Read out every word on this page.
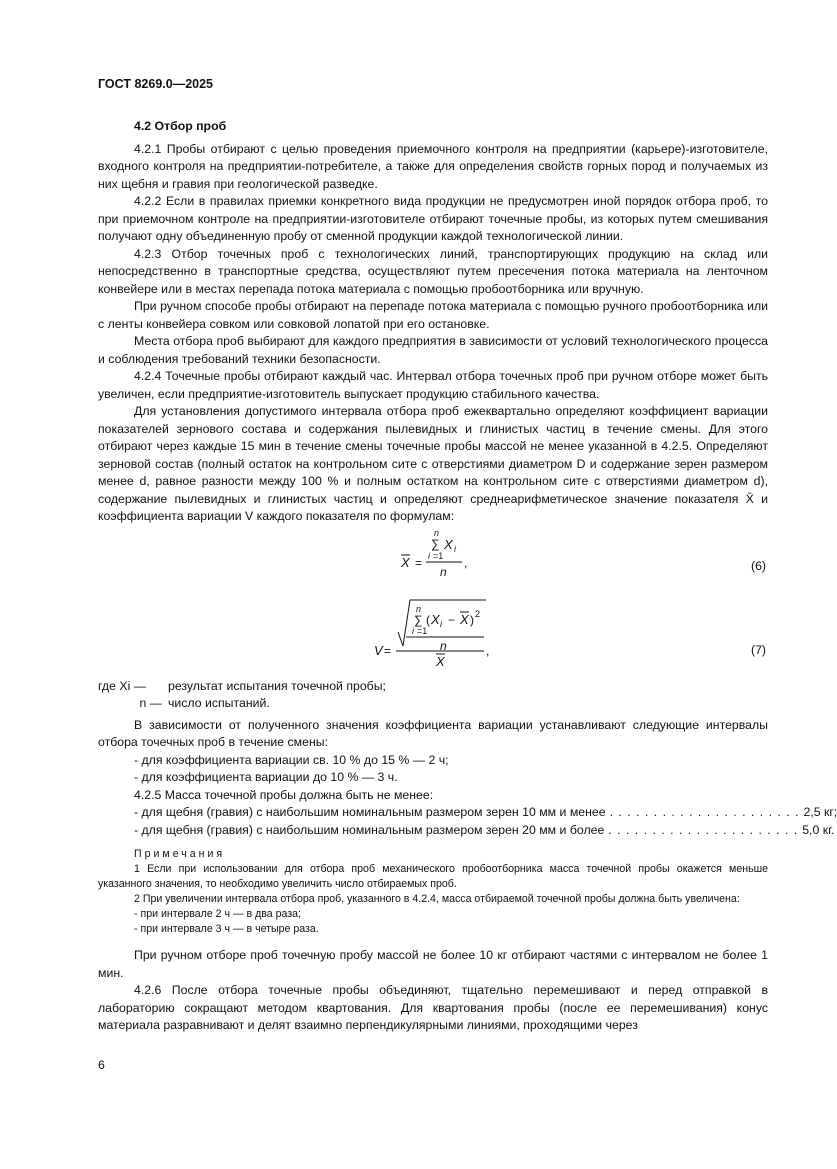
ГОСТ 8269.0—2025
4.2 Отбор проб

4.2.1 Пробы отбирают с целью проведения приемочного контроля на предприятии (карьере)-изготовителе, входного контроля на предприятии-потребителе, а также для определения свойств горных пород и получаемых из них щебня и гравия при геологической разведке.

4.2.2 Если в правилах приемки конкретного вида продукции не предусмотрен иной порядок отбора проб, то при приемочном контроле на предприятии-изготовителе отбирают точечные пробы, из которых путем смешивания получают одну объединенную пробу от сменной продукции каждой технологической линии.

4.2.3 Отбор точечных проб с технологических линий, транспортирующих продукцию на склад или непосредственно в транспортные средства, осуществляют путем пресечения потока материала на ленточном конвейере или в местах перепада потока материала с помощью пробоотборника или вручную.

При ручном способе пробы отбирают на перепаде потока материала с помощью ручного пробоотборника или с ленты конвейера совком или совковой лопатой при его остановке.

Места отбора проб выбирают для каждого предприятия в зависимости от условий технологического процесса и соблюдения требований техники безопасности.

4.2.4 Точечные пробы отбирают каждый час. Интервал отбора точечных проб при ручном отборе может быть увеличен, если предприятие-изготовитель выпускает продукцию стабильного качества.

Для установления допустимого интервала отбора проб ежеквартально определяют коэффициент вариации показателей зернового состава и содержания пылевидных и глинистых частиц в течение смены. Для этого отбирают через каждые 15 мин в течение смены точечные пробы массой не менее указанной в 4.2.5. Определяют зерновой состав (полный остаток на контрольном сите с отверстиями диаметром D и содержание зерен размером менее d, равное разности между 100 % и полным остатком на контрольном сите с отверстиями диаметром d), содержание пылевидных и глинистых частиц и определяют среднеарифметическое значение показателя X̄ и коэффициента вариации V каждого показателя по формулам:

n
∑ X i
i =1
X =
n
,	(6)
n
∑
i =1
( X i − X ) 2
n
V =
X
,	(7)
где Xi —	результат испытания точечной пробы;
n — число испытаний.

В зависимости от полученного значения коэффициента вариации устанавливают следующие интервалы отбора точечных проб в течение смены:

- для коэффициента вариации св. 10 % до 15 % — 2 ч;
- для коэффициента вариации до 10 % — 3 ч.

4.2.5 Масса точечной пробы должна быть не менее:

- для щебня (гравия) с наибольшим номинальным размером зерен 10 мм и менее . . . . . . . . . . . . . . . . . . . . . . 2,5 кг;
- для щебня (гравия) с наибольшим номинальным размером зерен 20 мм и более . . . . . . . . . . . . . . . . . . . . . . 5,0 кг.
Примечания

1 Если при использовании для отбора проб механического пробоотборника масса точечной пробы окажется меньше указанного значения, то необходимо увеличить число отбираемых проб.

2 При увеличении интервала отбора проб, указанного в 4.2.4, масса отбираемой точечной пробы должна быть увеличена:

- при интервале 2 ч — в два раза;
- при интервале 3 ч — в четыре раза.

При ручном отборе проб точечную пробу массой не более 10 кг отбирают частями с интервалом не более 1 мин.

4.2.6 После отбора точечные пробы объединяют, тщательно перемешивают и перед отправкой в лабораторию сокращают методом квартования. Для квартования пробы (после ее перемешивания) конус материала разравнивают и делят взаимно перпендикулярными линиями, проходящими через

6
